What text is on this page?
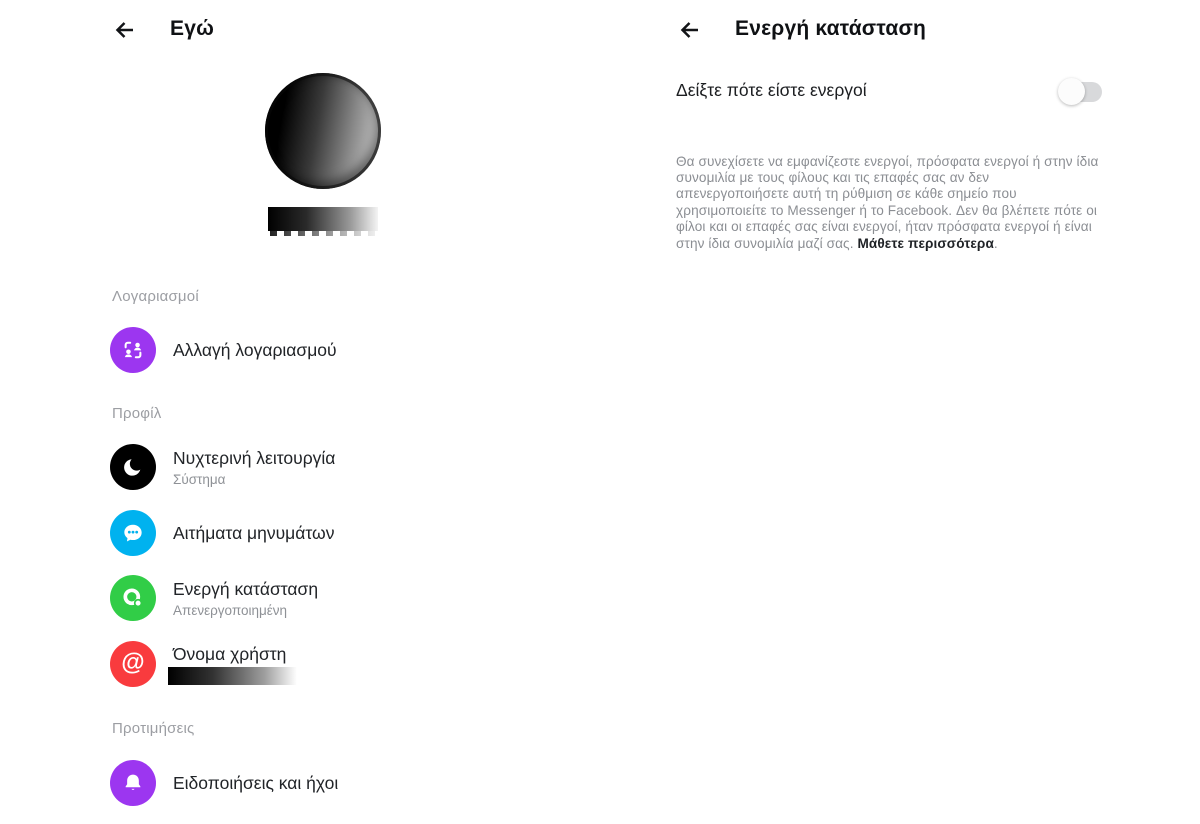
Εγώ
Λογαριασμοί
Αλλαγή λογαριασμού
Προφίλ
Νυχτερινή λειτουργία
Σύστημα
Αιτήματα μηνυμάτων
Ενεργή κατάσταση
Απενεργοποιημένη
@ Όνομα χρήστη
Προτιμήσεις
Ειδοποιήσεις και ήχοι
Ενεργή κατάσταση
Δείξτε πότε είστε ενεργοί

Θα συνεχίσετε να εμφανίζεστε ενεργοί, πρόσφατα ενεργοί ή στην ίδια συνομιλία με τους φίλους και τις επαφές σας αν δεν απενεργοποιήσετε αυτή τη ρύθμιση σε κάθε σημείο που χρησιμοποιείτε το Messenger ή το Facebook. Δεν θα βλέπετε πότε οι φίλοι και οι επαφές σας είναι ενεργοί, ήταν πρόσφατα ενεργοί ή είναι στην ίδια συνομιλία μαζί σας. Μάθετε περισσότερα.
